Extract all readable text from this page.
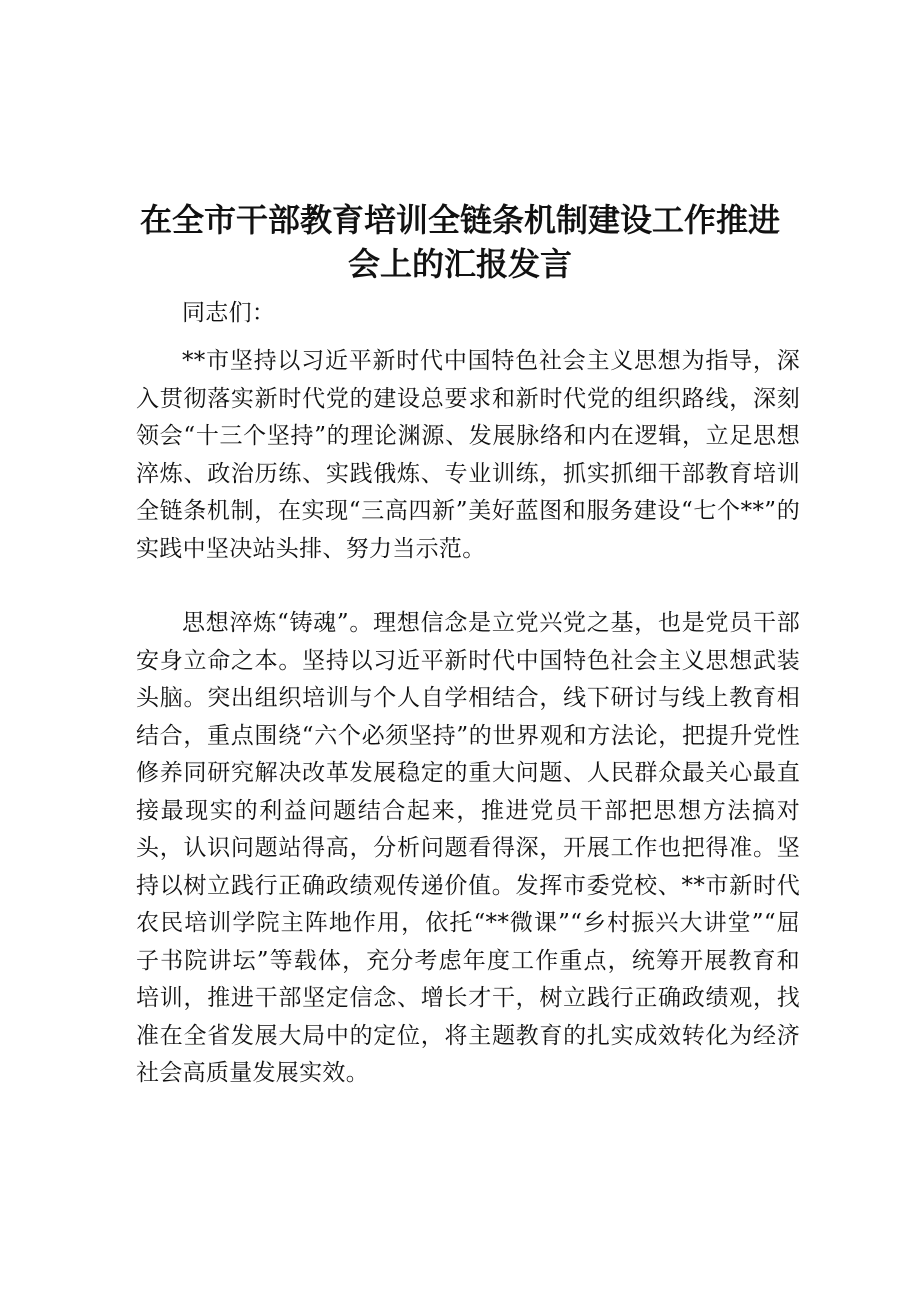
在全市干部教育培训全链条机制建设工作推进
会上的汇报发言

同志们：

**市坚持以习近平新时代中国特色社会主义思想为指导，深入贯彻落实新时代党的建设总要求和新时代党的组织路线，深刻领会“十三个坚持”的理论渊源、发展脉络和内在逻辑，立足思想淬炼、政治历练、实践俄炼、专业训练，抓实抓细干部教育培训全链条机制，在实现“三高四新”美好蓝图和服务建设“七个**”的实践中坚决站头排、努力当示范。

思想淬炼“铸魂”。理想信念是立党兴党之基，也是党员干部安身立命之本。坚持以习近平新时代中国特色社会主义思想武装头脑。突出组织培训与个人自学相结合，线下研讨与线上教育相结合，重点围绕“六个必须坚持”的世界观和方法论，把提升党性修养同研究解决改革发展稳定的重大问题、人民群众最关心最直接最现实的利益问题结合起来，推进党员干部把思想方法搞对头，认识问题站得高，分析问题看得深，开展工作也把得准。坚持以树立践行正确政绩观传递价值。发挥市委党校、**市新时代农民培训学院主阵地作用，依托“**微课”“乡村振兴大讲堂”“屈子书院讲坛”等载体，充分考虑年度工作重点，统筹开展教育和培训，推进干部坚定信念、增长才干，树立践行正确政绩观，找准在全省发展大局中的定位，将主题教育的扎实成效转化为经济社会高质量发展实效。
